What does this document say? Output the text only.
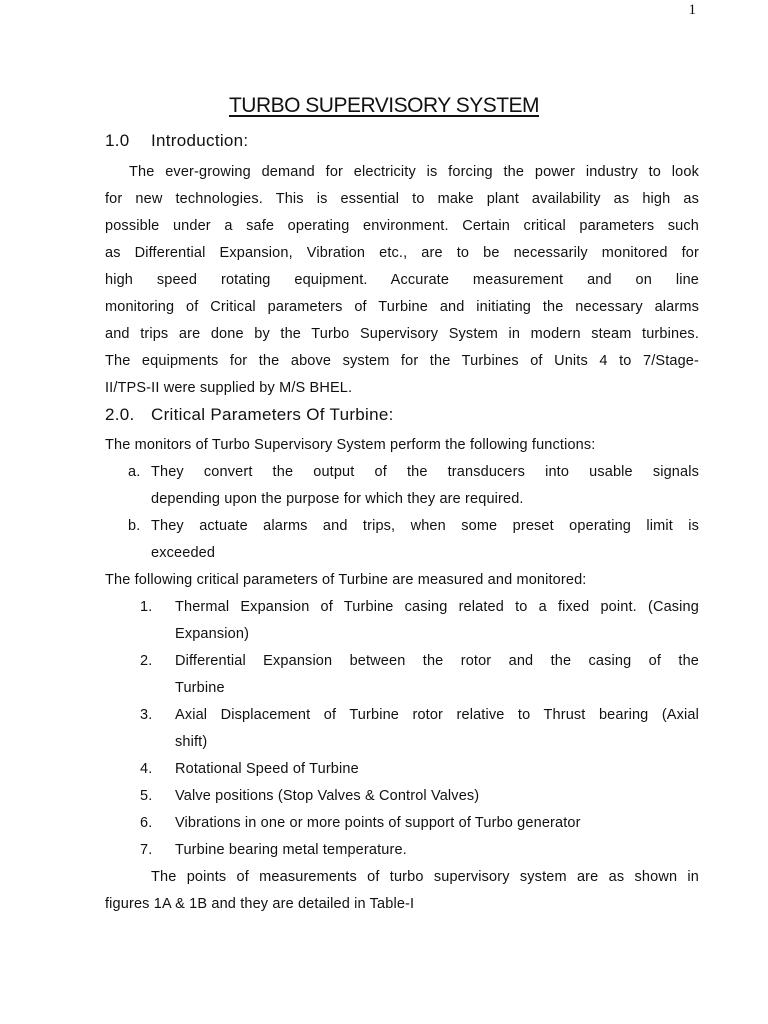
1
TURBO SUPERVISORY SYSTEM
1.0 Introduction:
The ever-growing demand for electricity is forcing the power industry to look
for new technologies. This is essential to make plant availability as high as
possible under a safe operating environment. Certain critical parameters such
as Differential Expansion, Vibration etc., are to be necessarily monitored for
high speed rotating equipment. Accurate measurement and on line
monitoring of Critical parameters of Turbine and initiating the necessary alarms
and trips are done by the Turbo Supervisory System in modern steam turbines.
The equipments for the above system for the Turbines of Units 4 to 7/Stage-
II/TPS-II were supplied by M/S BHEL.
2.0. Critical Parameters Of Turbine:
The monitors of Turbo Supervisory System perform the following functions:
a. They convert the output of the transducers into usable signals
depending upon the purpose for which they are required.
b. They actuate alarms and trips, when some preset operating limit is
exceeded
The following critical parameters of Turbine are measured and monitored:
1. Thermal Expansion of Turbine casing related to a fixed point. (Casing
Expansion)
2. Differential Expansion between the rotor and the casing of the
Turbine
3. Axial Displacement of Turbine rotor relative to Thrust bearing (Axial
shift)
4. Rotational Speed of Turbine
5. Valve positions (Stop Valves & Control Valves)
6. Vibrations in one or more points of support of Turbo generator
7. Turbine bearing metal temperature.
The points of measurements of turbo supervisory system are as shown in
figures 1A & 1B and they are detailed in Table-I
